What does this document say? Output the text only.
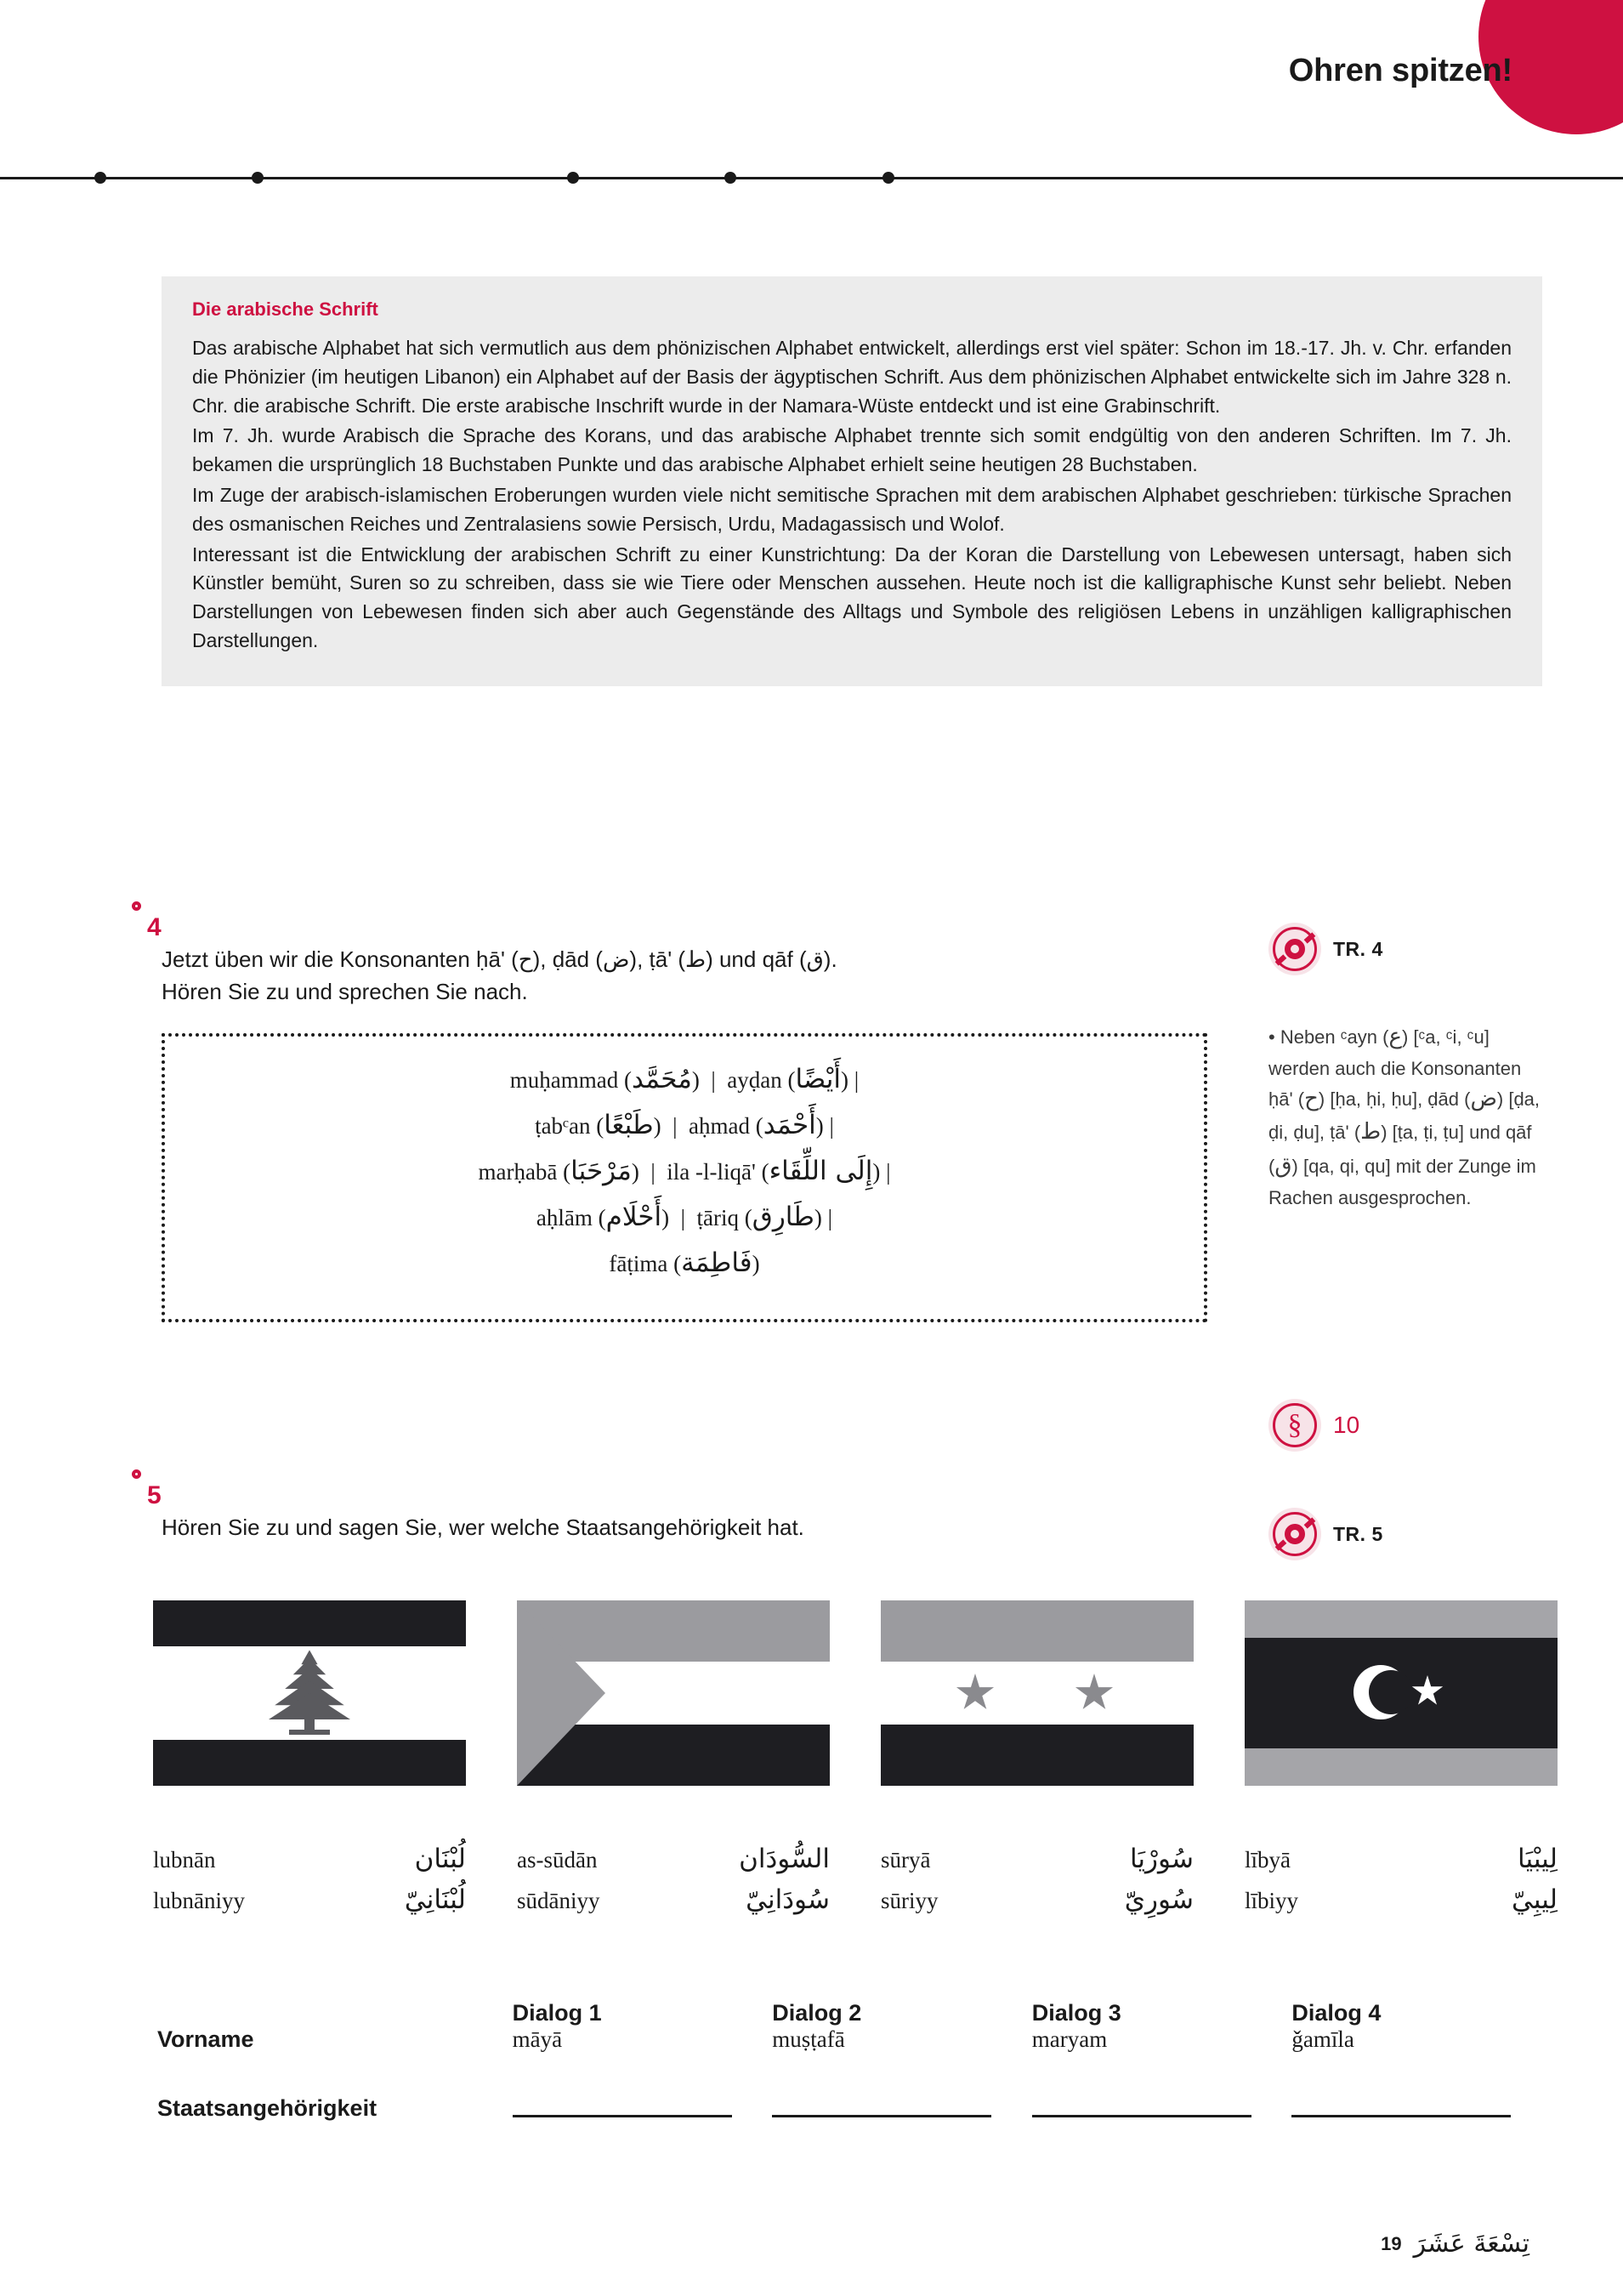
Ohren spitzen!
Die arabische Schrift

Das arabische Alphabet hat sich vermutlich aus dem phönizischen Alphabet entwickelt, allerdings erst viel später: Schon im 18.-17. Jh. v. Chr. erfanden die Phönizier (im heutigen Libanon) ein Alphabet auf der Basis der ägyptischen Schrift. Aus dem phönizischen Alphabet entwickelte sich im Jahre 328 n. Chr. die arabische Schrift. Die erste arabische Inschrift wurde in der Namara-Wüste entdeckt und ist eine Grabinschrift.

Im 7. Jh. wurde Arabisch die Sprache des Korans, und das arabische Alphabet trennte sich somit endgültig von den anderen Schriften. Im 7. Jh. bekamen die ursprünglich 18 Buchstaben Punkte und das arabische Alphabet erhielt seine heutigen 28 Buchstaben.

Im Zuge der arabisch-islamischen Eroberungen wurden viele nicht semitische Sprachen mit dem arabischen Alphabet geschrieben: türkische Sprachen des osmanischen Reiches und Zentralasiens sowie Persisch, Urdu, Madagassisch und Wolof.

Interessant ist die Entwicklung der arabischen Schrift zu einer Kunstrichtung: Da der Koran die Darstellung von Lebewesen untersagt, haben sich Künstler bemüht, Suren so zu schreiben, dass sie wie Tiere oder Menschen aussehen. Heute noch ist die kalligraphische Kunst sehr beliebt. Neben Darstellungen von Lebewesen finden sich aber auch Gegenstände des Alltags und Symbole des religiösen Lebens in unzähligen kalligraphischen Darstellungen.

4
Jetzt üben wir die Konsonanten ḥā' (ح), ḍād (ض), ṭā' (ط) und qāf (ق).
Hören Sie zu und sprechen Sie nach.
TR. 4
• Neben ᶜayn (ع) [ᶜa, ᶜi, ᶜu] werden auch die Konsonanten ḥā' (ح) [ḥa, ḥi, ḥu], ḍād (ض) [ḍa, ḍi, ḍu], ṭā' (ط) [ṭa, ṭi, ṭu] und qāf (ق) [qa, qi, qu] mit der Zunge im Rachen ausgesprochen.
§	10
muḥammad (مُحَمَّد)  |  ayḍan (أَيْضًا) |
ṭabᶜan (طَبْعًا)  |  aḥmad (أَحْمَد) |
marḥabā (مَرْحَبَا)  |  ila -l-liqā' (إِلَى اللِّقَاء) |
aḥlām (أَحْلَام)  |  ṭāriq (طَارِق) |
fāṭima (فَاطِمَة)
5
Hören Sie zu und sagen Sie, wer welche Staatsangehörigkeit hat.	TR. 5
lubnān	لُبْنَان
lubnāniyy	لُبْنَانِيّ
as-sūdān	السُّودَان
sūdāniyy	سُودَانِيّ
sūryā	سُورْيَا
sūriyy	سُورِيّ
lībyā	لِيبْيَا
lībiyy	لِيبِيّ
	Dialog 1	Dialog 2	Dialog 3	Dialog 4
Vorname	māyā	muṣṭafā	maryam	ǧamīla
Staatsangehörigkeit				
19 تِسْعَةَ عَشَرَ
